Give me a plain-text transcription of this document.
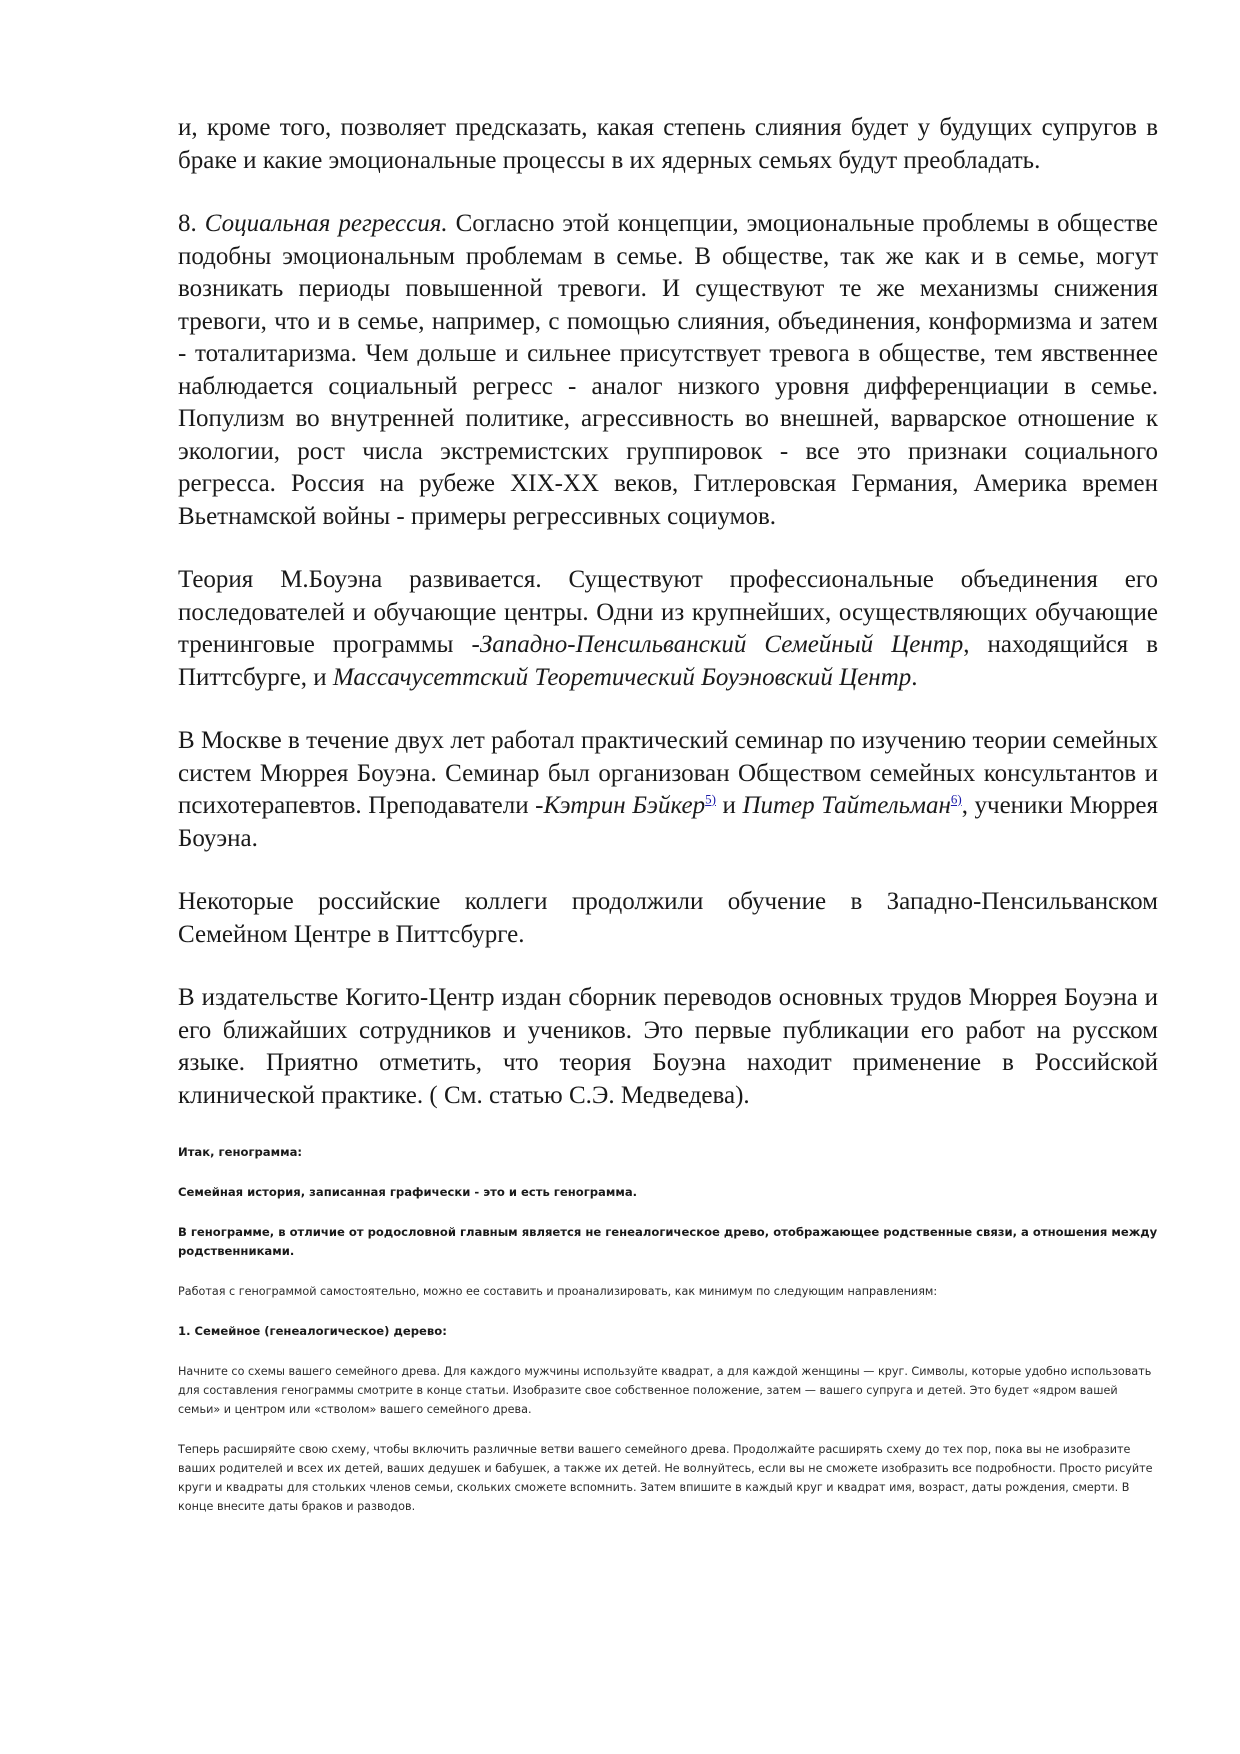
и, кроме того, позволяет предсказать, какая степень слияния будет у будущих супругов в браке и какие эмоциональные процессы в их ядерных семьях будут преобладать.

8. Социальная регрессия. Согласно этой концепции, эмоциональные проблемы в обществе подобны эмоциональным проблемам в семье. В обществе, так же как и в семье, могут возникать периоды повышенной тревоги. И существуют те же механизмы снижения тревоги, что и в семье, например, с помощью слияния, объединения, конформизма и затем - тоталитаризма. Чем дольше и сильнее присутствует тревога в обществе, тем явственнее наблюдается социальный регресс - аналог низкого уровня дифференциации в семье. Популизм во внутренней политике, агрессивность во внешней, варварское отношение к экологии, рост числа экстремистских группировок - все это признаки социального регресса. Россия на рубеже XIX-XX веков, Гитлеровская Германия, Америка времен Вьетнамской войны - примеры регрессивных социумов.

Теория М.Боуэна развивается. Существуют профессиональные объединения его последователей и обучающие центры. Одни из крупнейших, осуществляющих обучающие тренинговые программы -Западно-Пенсильванский Семейный Центр, находящийся в Питтсбурге, и Массачусеттский Теоретический Боуэновский Центр.

В Москве в течение двух лет работал практический семинар по изучению теории семейных систем Мюррея Боуэна. Семинар был организован Обществом семейных консультантов и психотерапевтов. Преподаватели -Кэтрин Бэйкер$^{5)}$ и Питер Тайтельман$^{6)}$, ученики Мюррея Боуэна.

Некоторые российские коллеги продолжили обучение в Западно-Пенсильванском Семейном Центре в Питтсбурге.

В издательстве Когито-Центр издан сборник переводов основных трудов Мюррея Боуэна и его ближайших сотрудников и учеников. Это первые публикации его работ на русском языке. Приятно отметить, что теория Боуэна находит применение в Российской клинической практике. ( См. статью С.Э. Медведева).

Итак, генограмма:

Семейная история, записанная графически - это и есть генограмма.

В генограмме, в отличие от родословной главным является не генеалогическое древо, отображающее родственные связи, а отношения между родственниками.

Работая с генограммой самостоятельно, можно ее составить и проанализировать, как минимум по следующим направлениям:

1. Семейное (генеалогическое) дерево:

Начните со схемы вашего семейного древа. Для каждого мужчины используйте квадрат, а для каждой женщины — круг. Символы, которые удобно использовать для составления генограммы смотрите в конце статьи. Изобразите свое собственное положение, затем — вашего супруга и детей. Это будет «ядром вашей семьи» и центром или «стволом» вашего семейного древа.

Теперь расширяйте свою схему, чтобы включить различные ветви вашего семейного древа. Продолжайте расширять схему до тех пор, пока вы не изобразите ваших родителей и всех их детей, ваших дедушек и бабушек, а также их детей. Не волнуйтесь, если вы не сможете изобразить все подробности. Просто рисуйте круги и квадраты для стольких членов семьи, скольких сможете вспомнить. Затем впишите в каждый круг и квадрат имя, возраст, даты рождения, смерти. В конце внесите даты браков и разводов.
